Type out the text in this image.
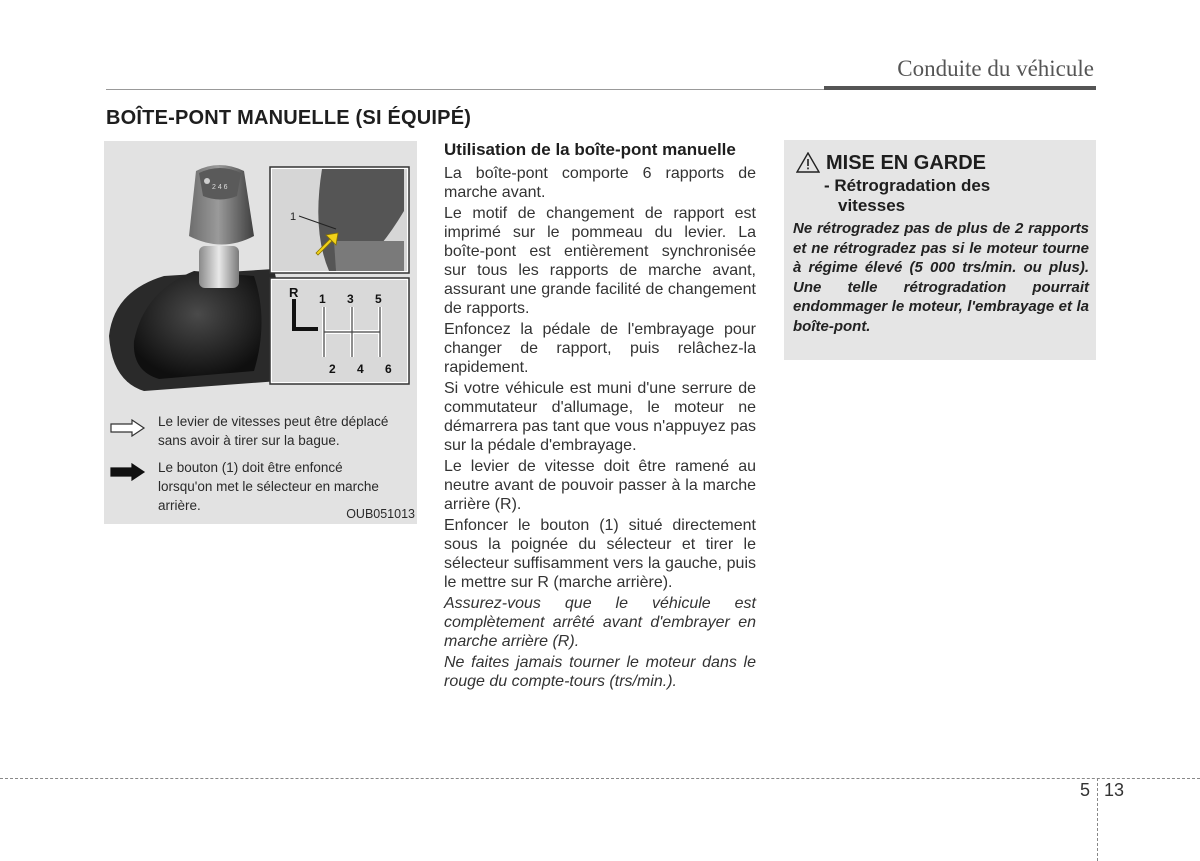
Conduite du véhicule
BOÎTE-PONT MANUELLE (SI ÉQUIPÉ)
2 4 6
1
R 1 3 5
2 4 6
Le levier de vitesses peut être déplacé sans avoir à tirer sur la bague.
Le bouton (1) doit être enfoncé lorsqu'on met le sélecteur en marche arrière.
OUB051013
Utilisation de la boîte-pont manuelle

La boîte-pont comporte 6 rapports de marche avant.

Le motif de changement de rapport est imprimé sur le pommeau du levier. La boîte-pont est entièrement synchronisée sur tous les rapports de marche avant, assurant une grande facilité de changement de rapports.

Enfoncez la pédale de l'embrayage pour changer de rapport, puis relâchez-la rapidement.

Si votre véhicule est muni d'une serrure de commutateur d'allumage, le moteur ne démarrera pas tant que vous n'appuyez pas sur la pédale d'embrayage.

Le levier de vitesse doit être ramené au neutre avant de pouvoir passer à la marche arrière (R).

Enfoncer le bouton (1) situé directement sous la poignée du sélecteur et tirer le sélecteur suffisamment vers la gauche, puis le mettre sur R (marche arrière).

Assurez-vous que le véhicule est complètement arrêté avant d'embrayer en marche arrière (R).

Ne faites jamais tourner le moteur dans le rouge du compte-tours (trs/min.).

MISE EN GARDE
- Rétrogradation des
vitesses
Ne rétrogradez pas de plus de 2 rapports et ne rétrogradez pas si le moteur tourne à régime élevé (5 000 trs/min. ou plus). Une telle rétrogradation pourrait endommager le moteur, l'embrayage et la boîte-pont.
5 13
